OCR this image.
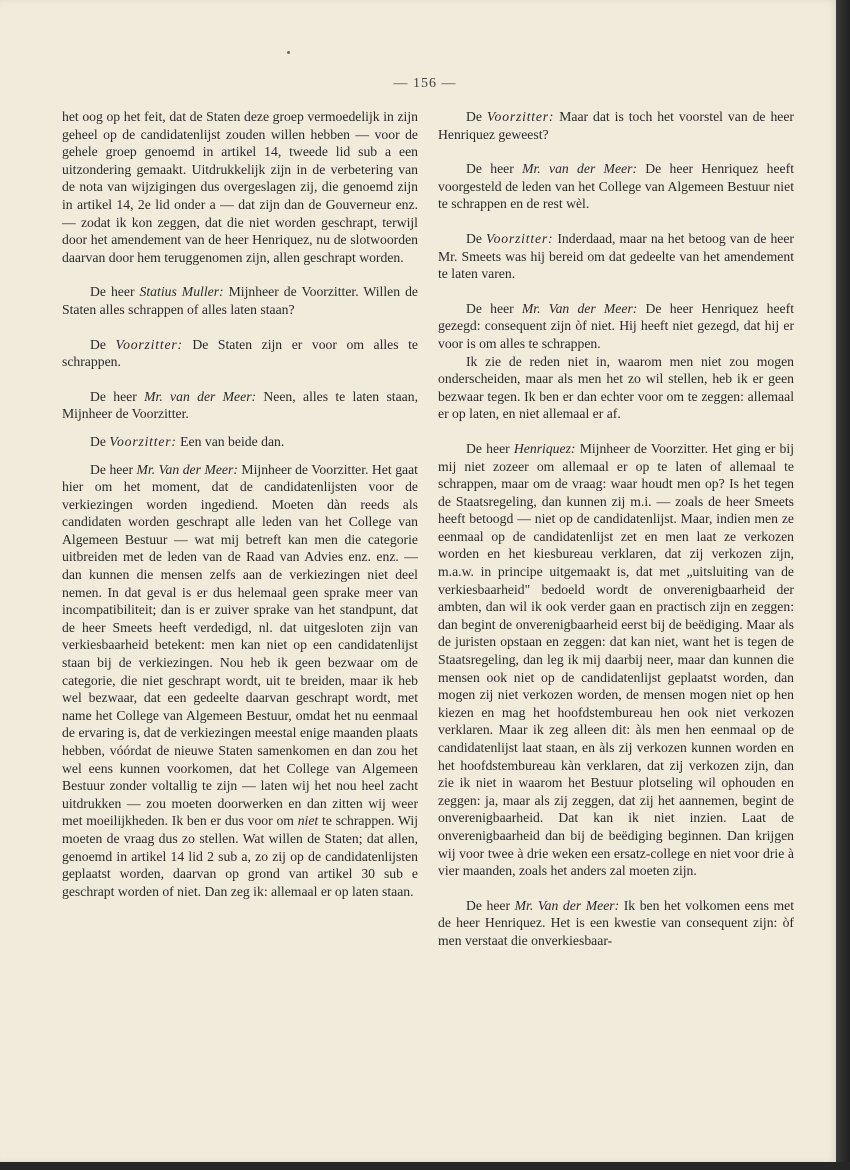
— 156 —

het oog op het feit, dat de Staten deze groep vermoedelijk in zijn geheel op de candidatenlijst zouden willen hebben — voor de gehele groep genoemd in artikel 14, tweede lid sub a een uitzondering gemaakt. Uitdrukkelijk zijn in de verbetering van de nota van wijzigingen dus overgeslagen zij, die genoemd zijn in artikel 14, 2e lid onder a — dat zijn dan de Gouverneur enz. — zodat ik kon zeggen, dat die niet worden geschrapt, terwijl door het amendement van de heer Henriquez, nu de slotwoorden daarvan door hem teruggenomen zijn, allen geschrapt worden.

De heer Statius Muller: Mijnheer de Voorzitter. Willen de Staten alles schrappen of alles laten staan?

De Voorzitter: De Staten zijn er voor om alles te schrappen.

De heer Mr. van der Meer: Neen, alles te laten staan, Mijnheer de Voorzitter.

De Voorzitter: Een van beide dan.

De heer Mr. Van der Meer: Mijnheer de Voorzitter. Het gaat hier om het moment, dat de candidatenlijsten voor de verkiezingen worden ingediend. Moeten dàn reeds als candidaten worden geschrapt alle leden van het College van Algemeen Bestuur — wat mij betreft kan men die categorie uitbreiden met de leden van de Raad van Advies enz. enz. — dan kunnen die mensen zelfs aan de verkiezingen niet deel nemen. In dat geval is er dus helemaal geen sprake meer van incompatibiliteit; dan is er zuiver sprake van het standpunt, dat de heer Smeets heeft verdedigd, nl. dat uitgesloten zijn van verkiesbaarheid betekent: men kan niet op een candidatenlijst staan bij de verkiezingen. Nou heb ik geen bezwaar om de categorie, die niet geschrapt wordt, uit te breiden, maar ik heb wel bezwaar, dat een gedeelte daarvan geschrapt wordt, met name het College van Algemeen Bestuur, omdat het nu eenmaal de ervaring is, dat de verkiezingen meestal enige maanden plaats hebben, vóórdat de nieuwe Staten samenkomen en dan zou het wel eens kunnen voorkomen, dat het College van Algemeen Bestuur zonder voltallig te zijn — laten wij het nou heel zacht uitdrukken — zou moeten doorwerken en dan zitten wij weer met moeilijkheden. Ik ben er dus voor om niet te schrappen. Wij moeten de vraag dus zo stellen. Wat willen de Staten; dat allen, genoemd in artikel 14 lid 2 sub a, zo zij op de candidatenlijsten geplaatst worden, daarvan op grond van artikel 30 sub e geschrapt worden of niet. Dan zeg ik: allemaal er op laten staan.

De Voorzitter: Maar dat is toch het voorstel van de heer Henriquez geweest?

De heer Mr. van der Meer: De heer Henriquez heeft voorgesteld de leden van het College van Algemeen Bestuur niet te schrappen en de rest wèl.

De Voorzitter: Inderdaad, maar na het betoog van de heer Mr. Smeets was hij bereid om dat gedeelte van het amendement te laten varen.

De heer Mr. Van der Meer: De heer Henriquez heeft gezegd: consequent zijn òf niet. Hij heeft niet gezegd, dat hij er voor is om alles te schrappen.

Ik zie de reden niet in, waarom men niet zou mogen onderscheiden, maar als men het zo wil stellen, heb ik er geen bezwaar tegen. Ik ben er dan echter voor om te zeggen: allemaal er op laten, en niet allemaal er af.

De heer Henriquez: Mijnheer de Voorzitter. Het ging er bij mij niet zozeer om allemaal er op te laten of allemaal te schrappen, maar om de vraag: waar houdt men op? Is het tegen de Staatsregeling, dan kunnen zij m.i. — zoals de heer Smeets heeft betoogd — niet op de candidatenlijst. Maar, indien men ze eenmaal op de candidatenlijst zet en men laat ze verkozen worden en het kiesbureau verklaren, dat zij verkozen zijn, m.a.w. in principe uitgemaakt is, dat met „uitsluiting van de verkiesbaarheid" bedoeld wordt de onverenigbaarheid der ambten, dan wil ik ook verder gaan en practisch zijn en zeggen: dan begint de onverenigbaarheid eerst bij de beëdiging. Maar als de juristen opstaan en zeggen: dat kan niet, want het is tegen de Staatsregeling, dan leg ik mij daarbij neer, maar dan kunnen die mensen ook niet op de candidatenlijst geplaatst worden, dan mogen zij niet verkozen worden, de mensen mogen niet op hen kiezen en mag het hoofdstembureau hen ook niet verkozen verklaren. Maar ik zeg alleen dit: àls men hen eenmaal op de candidatenlijst laat staan, en àls zij verkozen kunnen worden en het hoofdstembureau kàn verklaren, dat zij verkozen zijn, dan zie ik niet in waarom het Bestuur plotseling wil ophouden en zeggen: ja, maar als zij zeggen, dat zij het aannemen, begint de onverenigbaarheid. Dat kan ik niet inzien. Laat de onverenigbaarheid dan bij de beëdiging beginnen. Dan krijgen wij voor twee à drie weken een ersatz-college en niet voor drie à vier maanden, zoals het anders zal moeten zijn.

De heer Mr. Van der Meer: Ik ben het volkomen eens met de heer Henriquez. Het is een kwestie van consequent zijn: òf men verstaat die onverkiesbaar-
